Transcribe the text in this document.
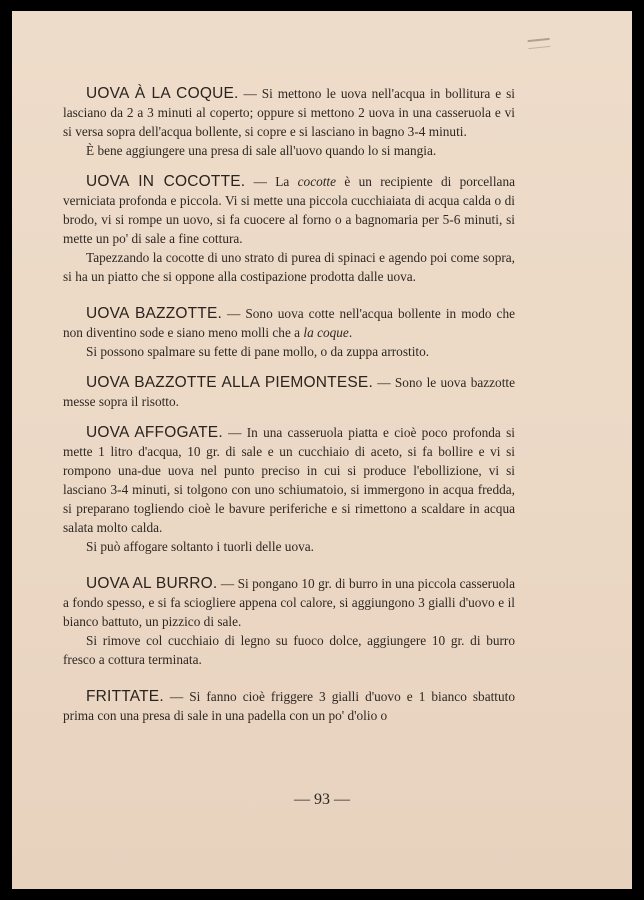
UOVA À LA COQUE. — Si mettono le uova nell'acqua in bollitura e si lasciano da 2 a 3 minuti al coperto; oppure si mettono 2 uova in una casseruola e vi si versa sopra dell'acqua bollente, si copre e si lasciano in bagno 3-4 minuti.

È bene aggiungere una presa di sale all'uovo quando lo si mangia.

UOVA IN COCOTTE. — La cocotte è un recipiente di porcellana verniciata profonda e piccola. Vi si mette una piccola cucchiaiata di acqua calda o di brodo, vi si rompe un uovo, si fa cuocere al forno o a bagnomaria per 5-6 minuti, si mette un po' di sale a fine cottura.

Tapezzando la cocotte di uno strato di purea di spinaci e agendo poi come sopra, si ha un piatto che si oppone alla costipazione prodotta dalle uova.

UOVA BAZZOTTE. — Sono uova cotte nell'acqua bollente in modo che non diventino sode e siano meno molli che a la coque.

Si possono spalmare su fette di pane mollo, o da zuppa arrostito.

UOVA BAZZOTTE ALLA PIEMONTESE. — Sono le uova bazzotte messe sopra il risotto.

UOVA AFFOGATE. — In una casseruola piatta e cioè poco profonda si mette 1 litro d'acqua, 10 gr. di sale e un cucchiaio di aceto, si fa bollire e vi si rompono una-due uova nel punto preciso in cui si produce l'ebollizione, vi si lasciano 3-4 minuti, si tolgono con uno schiumatoio, si immergono in acqua fredda, si preparano togliendo cioè le bavure periferiche e si rimettono a scaldare in acqua salata molto calda.

Si può affogare soltanto i tuorli delle uova.

UOVA AL BURRO. — Si pongano 10 gr. di burro in una piccola casseruola a fondo spesso, e si fa sciogliere appena col calore, si aggiungono 3 gialli d'uovo e il bianco battuto, un pizzico di sale.

Si rimove col cucchiaio di legno su fuoco dolce, aggiungere 10 gr. di burro fresco a cottura terminata.

FRITTATE. — Si fanno cioè friggere 3 gialli d'uovo e 1 bianco sbattuto prima con una presa di sale in una padella con un po' d'olio o

— 93 —
